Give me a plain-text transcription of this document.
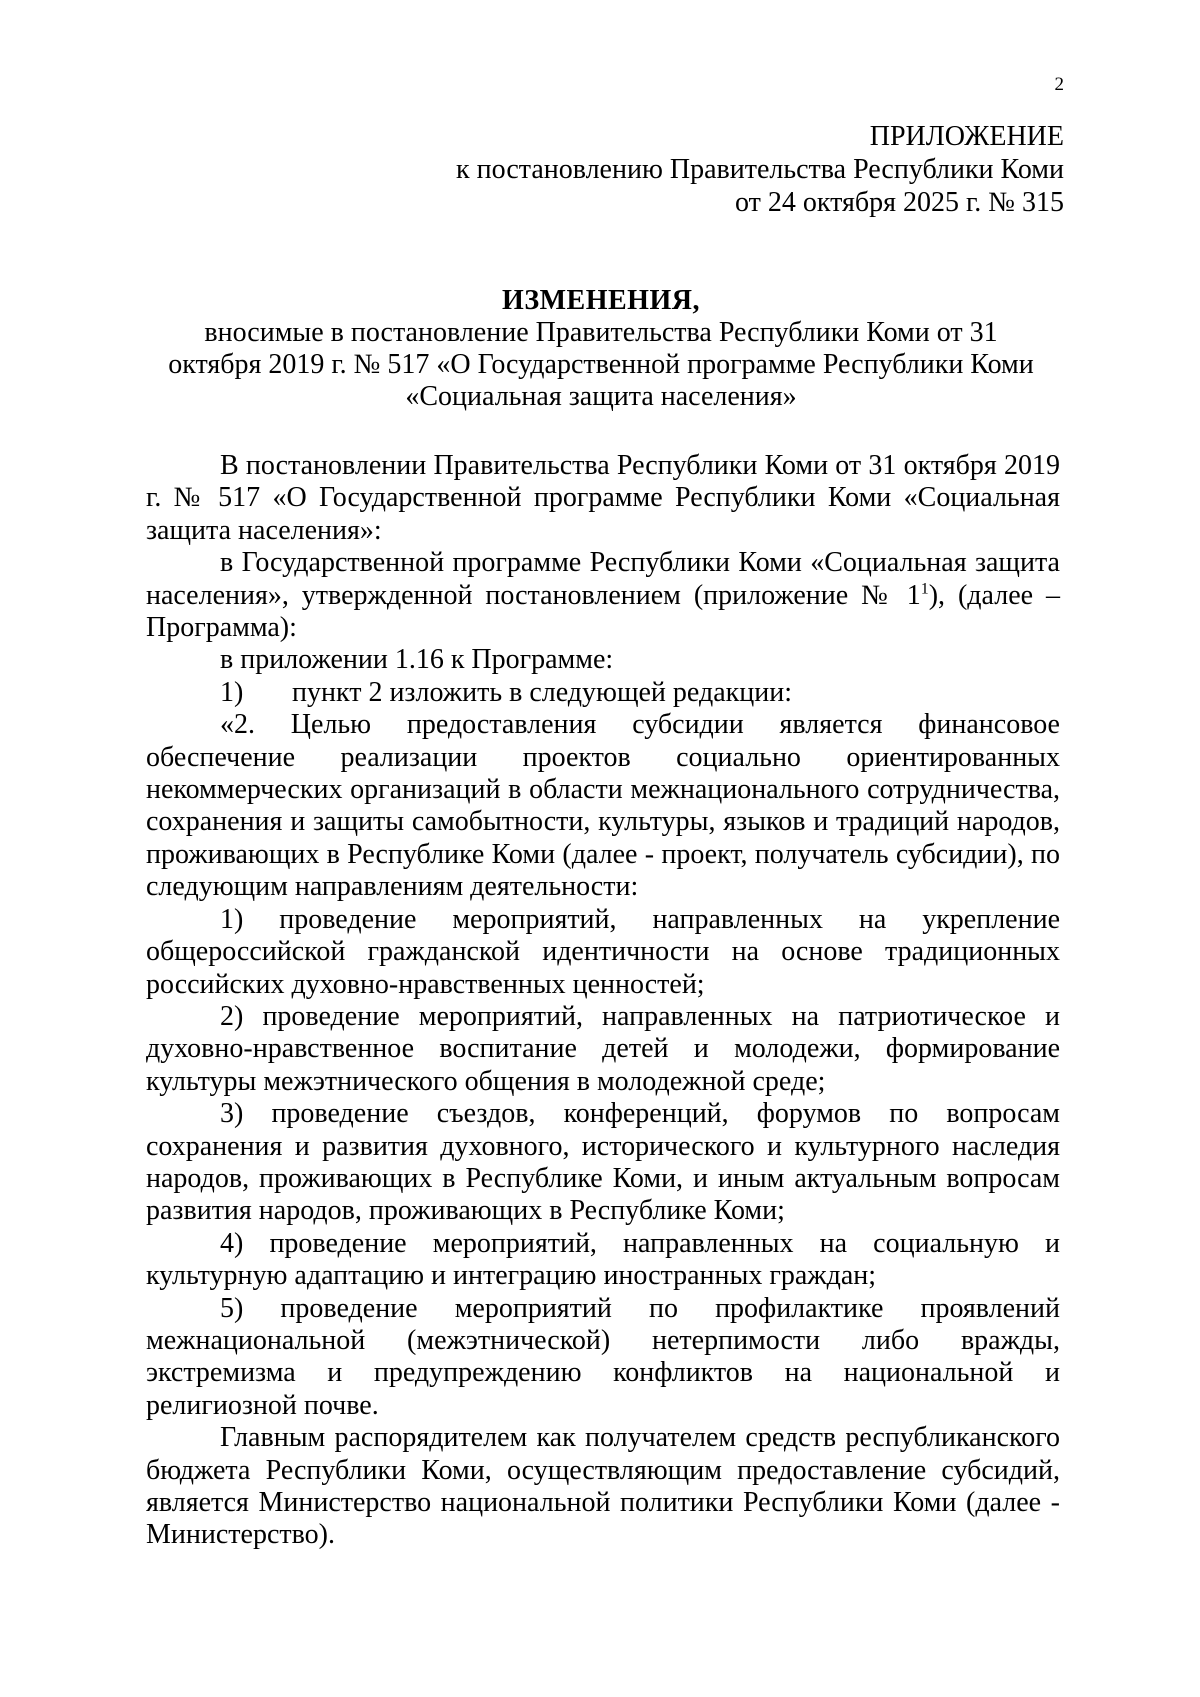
2
ПРИЛОЖЕНИЕ
к постановлению Правительства Республики Коми
от 24 октября 2025 г. № 315
ИЗМЕНЕНИЯ,
вносимые в постановление Правительства Республики Коми от 31 октября 2019 г. № 517 «О Государственной программе Республики Коми «Социальная защита населения»

В постановлении Правительства Республики Коми от 31 октября 2019 г. № 517 «О Государственной программе Республики Коми «Социальная защита населения»:

в Государственной программе Республики Коми «Социальная защита населения», утвержденной постановлением (приложение № $1^1$), (далее – Программа):

в приложении 1.16 к Программе:

1) пункт 2 изложить в следующей редакции:

«2. Целью предоставления субсидии является финансовое обеспечение реализации проектов социально ориентированных некоммерческих организаций в области межнационального сотрудничества, сохранения и защиты самобытности, культуры, языков и традиций народов, проживающих в Республике Коми (далее - проект, получатель субсидии), по следующим направлениям деятельности:

1) проведение мероприятий, направленных на укрепление общероссийской гражданской идентичности на основе традиционных российских духовно-нравственных ценностей;

2) проведение мероприятий, направленных на патриотическое и духовно-нравственное воспитание детей и молодежи, формирование культуры межэтнического общения в молодежной среде;

3) проведение съездов, конференций, форумов по вопросам сохранения и развития духовного, исторического и культурного наследия народов, проживающих в Республике Коми, и иным актуальным вопросам развития народов, проживающих в Республике Коми;

4) проведение мероприятий, направленных на социальную и культурную адаптацию и интеграцию иностранных граждан;

5) проведение мероприятий по профилактике проявлений межнациональной (межэтнической) нетерпимости либо вражды, экстремизма и предупреждению конфликтов на национальной и религиозной почве.

Главным распорядителем как получателем средств республиканского бюджета Республики Коми, осуществляющим предоставление субсидий, является Министерство национальной политики Республики Коми (далее - Министерство).
